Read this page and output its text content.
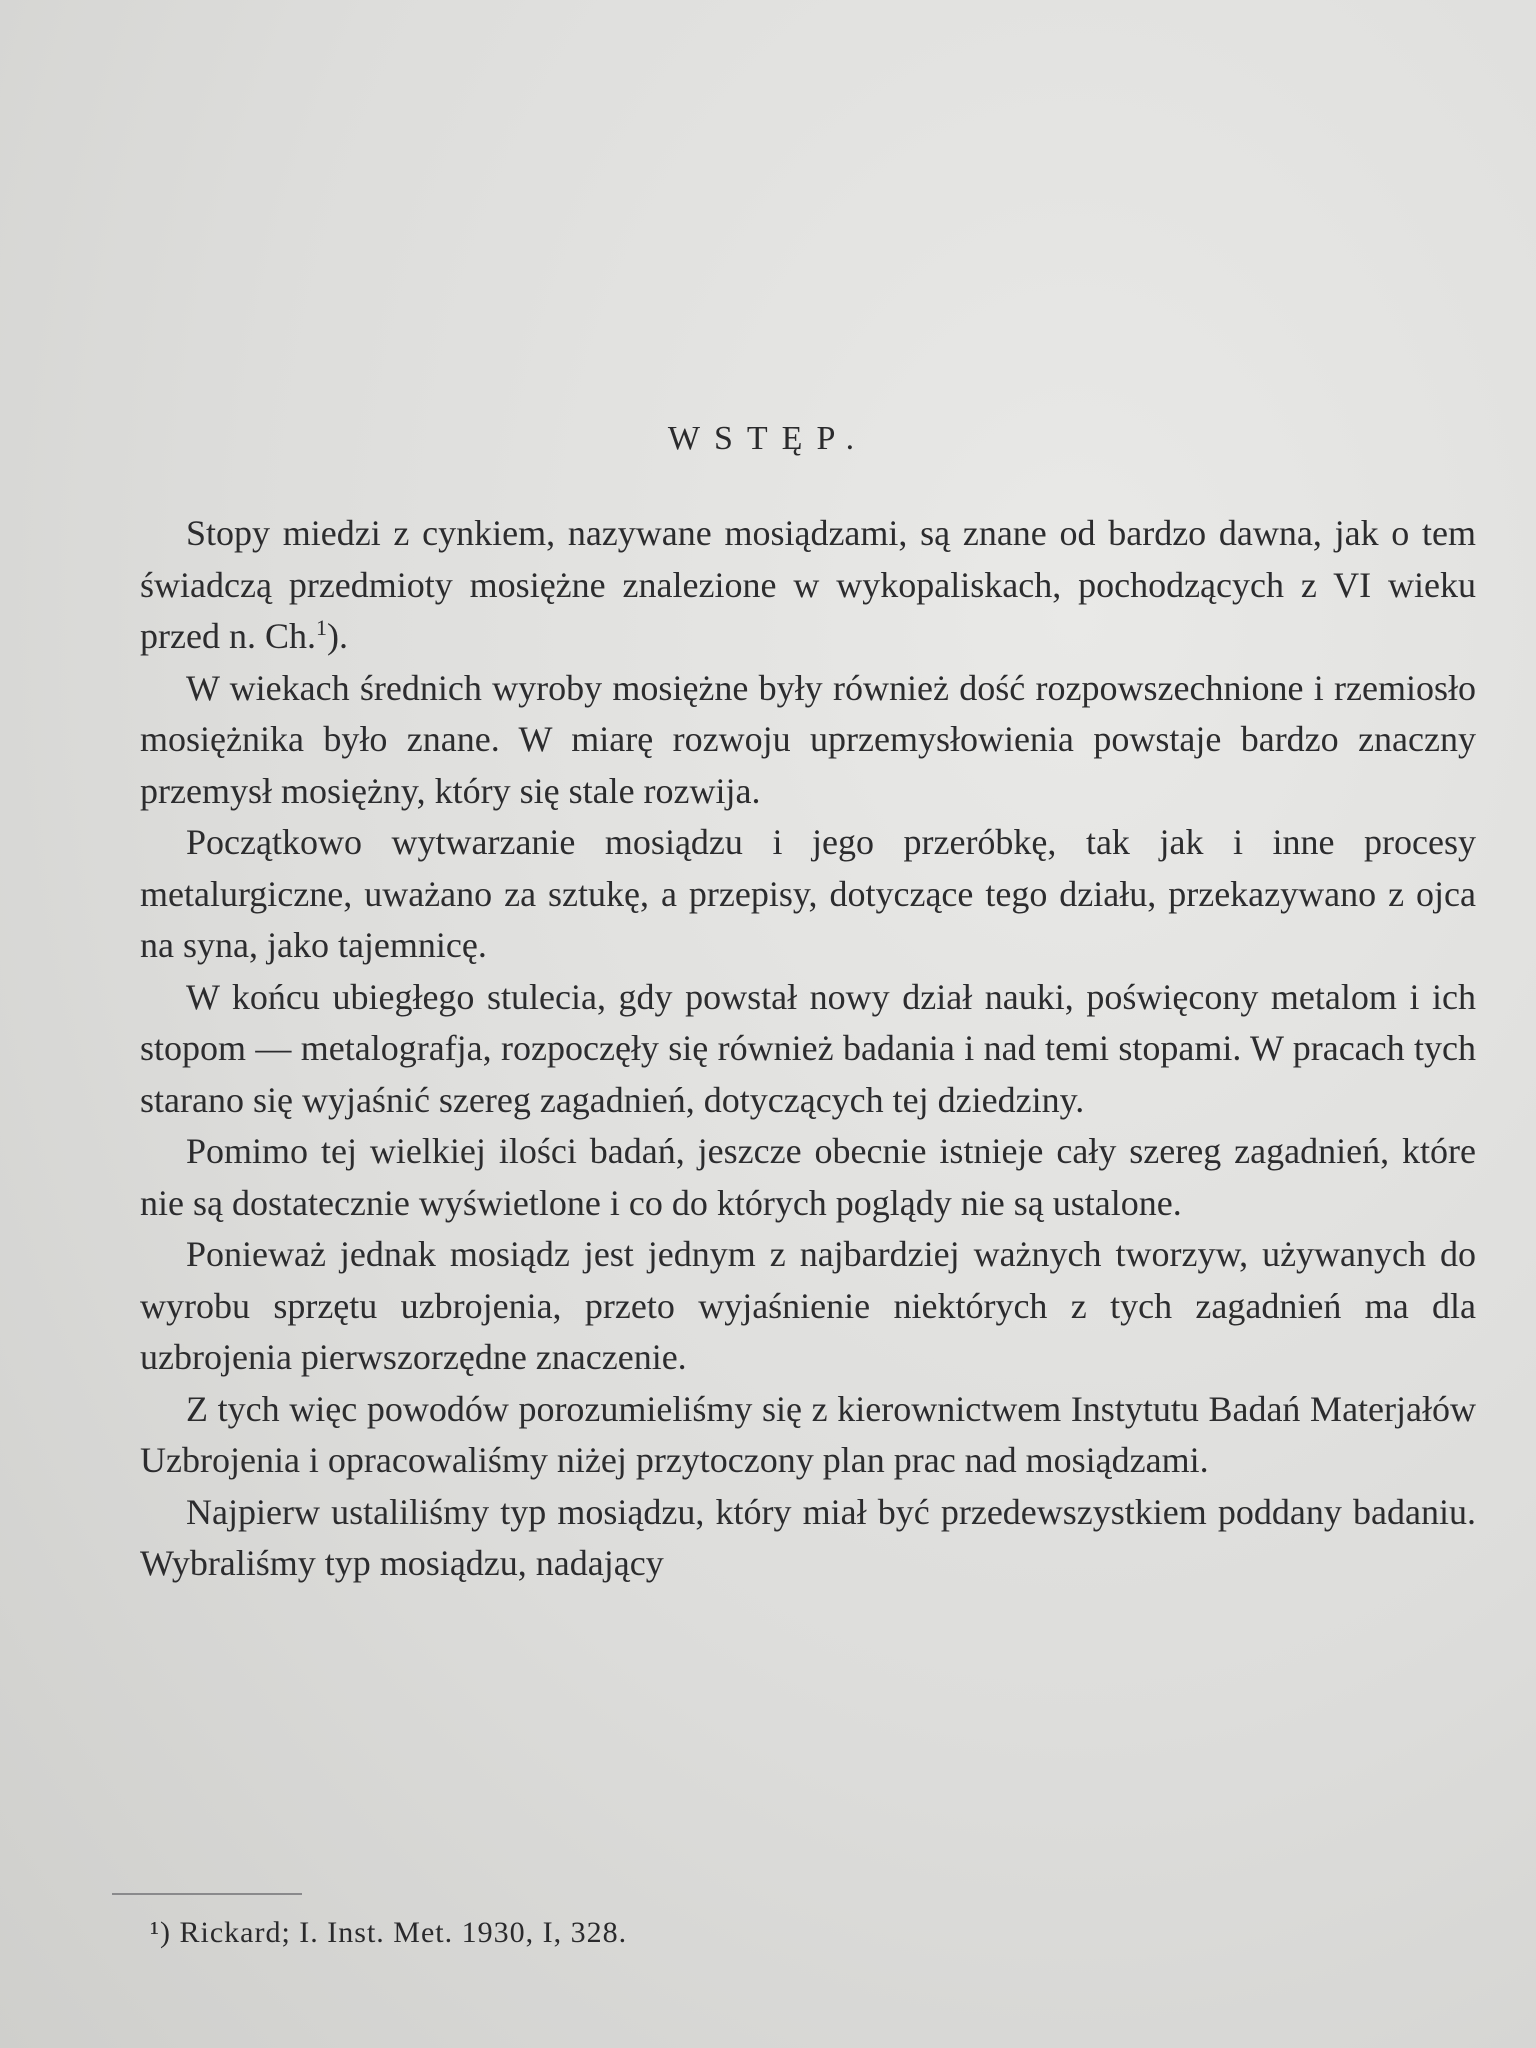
WSTĘP.

Stopy miedzi z cynkiem, nazywane mosiądzami, są znane od bardzo dawna, jak o tem świadczą przedmioty mosiężne znalezione w wykopaliskach, pochodzących z VI wieku przed n. Ch.$^1$).

W wiekach średnich wyroby mosiężne były również dość rozpowszechnione i rzemiosło mosiężnika było znane. W miarę rozwoju uprzemysłowienia powstaje bardzo znaczny przemysł mosiężny, który się stale rozwija.

Początkowo wytwarzanie mosiądzu i jego przeróbkę, tak jak i inne procesy metalurgiczne, uważano za sztukę, a przepisy, dotyczące tego działu, przekazywano z ojca na syna, jako tajemnicę.

W końcu ubiegłego stulecia, gdy powstał nowy dział nauki, poświęcony metalom i ich stopom — metalografja, rozpoczęły się również badania i nad temi stopami. W pracach tych starano się wyjaśnić szereg zagadnień, dotyczących tej dziedziny.

Pomimo tej wielkiej ilości badań, jeszcze obecnie istnieje cały szereg zagadnień, które nie są dostatecznie wyświetlone i co do których poglądy nie są ustalone.

Ponieważ jednak mosiądz jest jednym z najbardziej ważnych tworzyw, używanych do wyrobu sprzętu uzbrojenia, przeto wyjaśnienie niektórych z tych zagadnień ma dla uzbrojenia pierwszorzędne znaczenie.

Z tych więc powodów porozumieliśmy się z kierownictwem Instytutu Badań Materjałów Uzbrojenia i opracowaliśmy niżej przytoczony plan prac nad mosiądzami.

Najpierw ustaliliśmy typ mosiądzu, który miał być przedewszystkiem poddany badaniu. Wybraliśmy typ mosiądzu, nadający

¹) Rickard; I. Inst. Met. 1930, I, 328.
